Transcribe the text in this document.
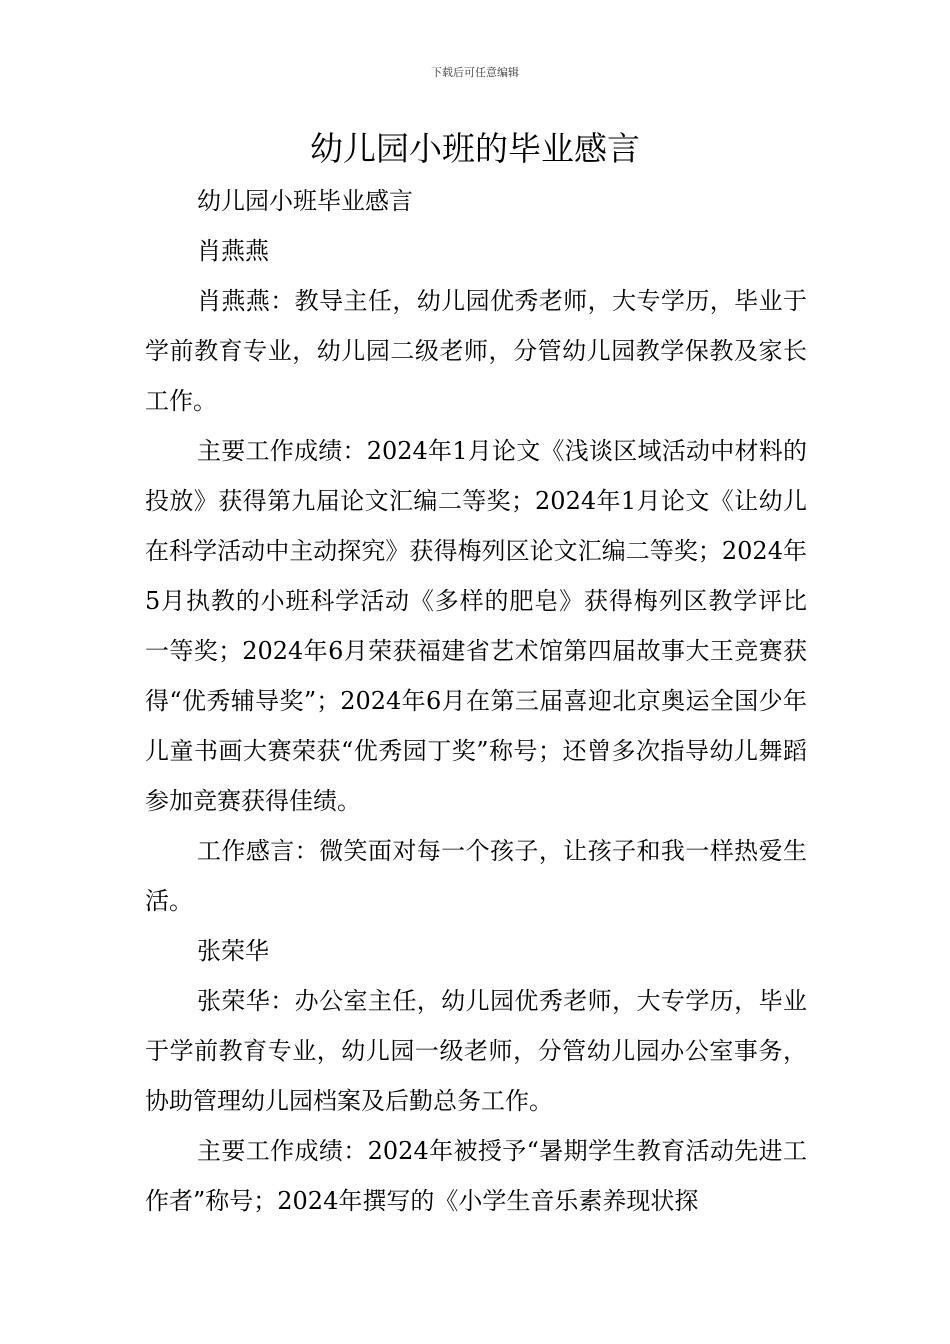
下载后可任意编辑
幼儿园小班的毕业感言

幼儿园小班毕业感言

肖燕燕

肖燕燕：教导主任，幼儿园优秀老师，大专学历，毕业于学前教育专业，幼儿园二级老师，分管幼儿园教学保教及家长工作。

主要工作成绩：2024年1月论文《浅谈区域活动中材料的投放》获得第九届论文汇编二等奖；2024年1月论文《让幼儿在科学活动中主动探究》获得梅列区论文汇编二等奖；2024年5月执教的小班科学活动《多样的肥皂》获得梅列区教学评比一等奖；2024年6月荣获福建省艺术馆第四届故事大王竞赛获得“优秀辅导奖”；2024年6月在第三届喜迎北京奥运全国少年儿童书画大赛荣获“优秀园丁奖”称号；还曾多次指导幼儿舞蹈参加竞赛获得佳绩。

工作感言：微笑面对每一个孩子，让孩子和我一样热爱生活。

张荣华

张荣华：办公室主任，幼儿园优秀老师，大专学历，毕业于学前教育专业，幼儿园一级老师，分管幼儿园办公室事务，协助管理幼儿园档案及后勤总务工作。

主要工作成绩：2024年被授予“暑期学生教育活动先进工作者”称号；2024年撰写的《小学生音乐素养现状探
